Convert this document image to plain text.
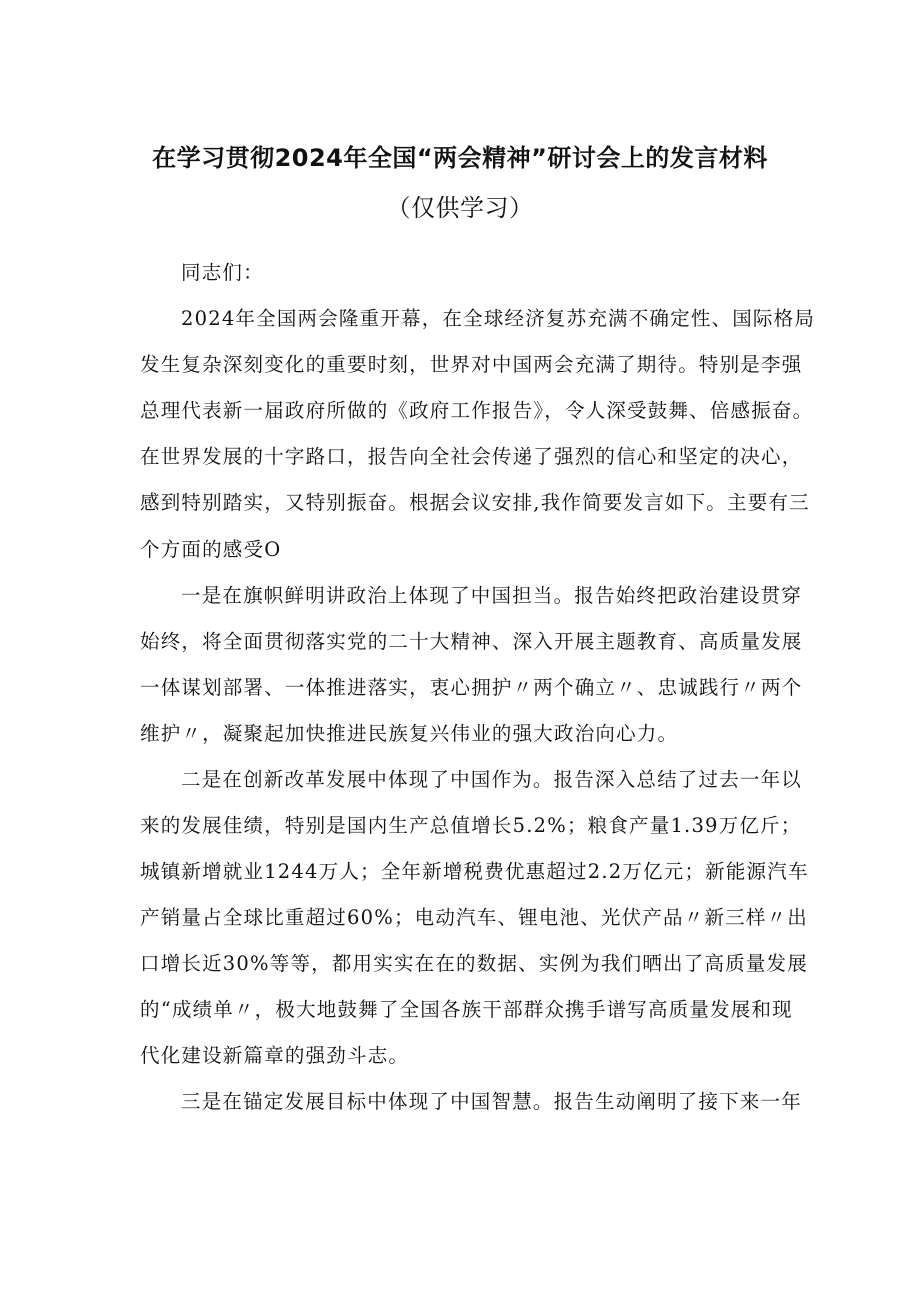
在学习贯彻2024年全国“两会精神”研讨会上的发言材料
（仅供学习）
同志们：
2024年全国两会隆重开幕，在全球经济复苏充满不确定性、国际格局
发生复杂深刻变化的重要时刻，世界对中国两会充满了期待。特别是李强
总理代表新一届政府所做的《政府工作报告》，令人深受鼓舞、倍感振奋。
在世界发展的十字路口，报告向全社会传递了强烈的信心和坚定的决心，
感到特别踏实，又特别振奋。根据会议安排,我作简要发言如下。主要有三
个方面的感受O
一是在旗帜鲜明讲政治上体现了中国担当。报告始终把政治建设贯穿
始终，将全面贯彻落实党的二十大精神、深入开展主题教育、高质量发展
一体谋划部署、一体推进落实，衷心拥护〃两个确立〃、忠诚践行〃两个
维护〃，凝聚起加快推进民族复兴伟业的强大政治向心力。
二是在创新改革发展中体现了中国作为。报告深入总结了过去一年以
来的发展佳绩，特别是国内生产总值增长5.2%；粮食产量1.39万亿斤；
城镇新增就业1244万人；全年新增税费优惠超过2.2万亿元；新能源汽车
产销量占全球比重超过60%；电动汽车、锂电池、光伏产品〃新三样〃出
口增长近30%等等，都用实实在在的数据、实例为我们晒出了高质量发展
的“成绩单〃，极大地鼓舞了全国各族干部群众携手谱写高质量发展和现
代化建设新篇章的强劲斗志。
三是在锚定发展目标中体现了中国智慧。报告生动阐明了接下来一年
